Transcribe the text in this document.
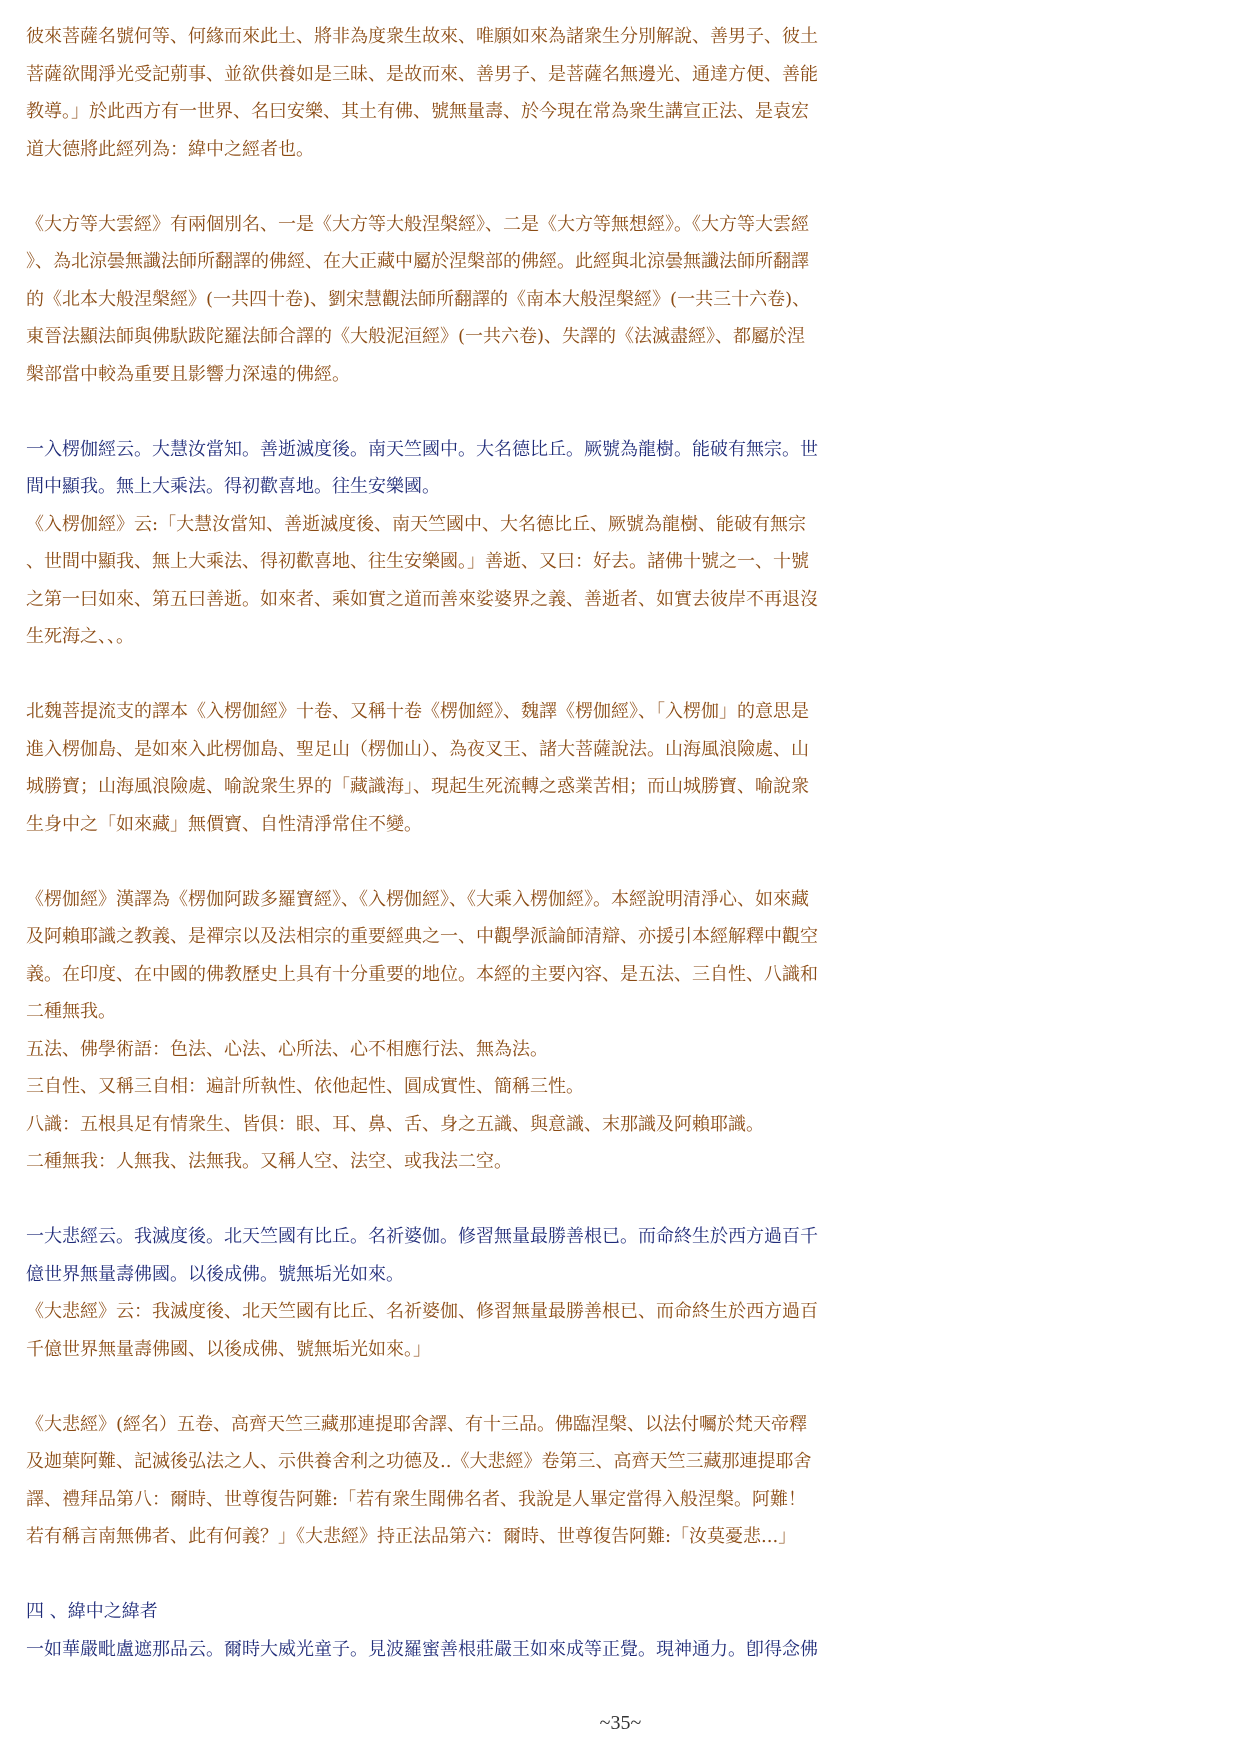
彼來菩薩名號何等、何緣而來此土、將非為度衆生故來、唯願如來為諸衆生分別解說、善男子、彼土
菩薩欲聞淨光受記莂事、並欲供養如是三昧、是故而來、善男子、是菩薩名無邊光、通達方便、善能
教導。」於此西方有一世界、名曰安樂、其土有佛、號無量壽、於今現在常為衆生講宣正法、是袁宏
道大德將此經列為：緯中之經者也。
《大方等大雲經》有兩個別名、一是《大方等大般涅槃經》、二是《大方等無想經》。《大方等大雲經
》、為北涼曇無讖法師所翻譯的佛經、在大正藏中屬於涅槃部的佛經。此經與北涼曇無讖法師所翻譯
的《北本大般涅槃經》(一共四十卷)、劉宋慧觀法師所翻譯的《南本大般涅槃經》(一共三十六卷)、
東晉法顯法師與佛馱跋陀羅法師合譯的《大般泥洹經》(一共六卷)、失譯的《法滅盡經》、都屬於涅
槃部當中較為重要且影響力深遠的佛經。
一入楞伽經云。大慧汝當知。善逝滅度後。南天竺國中。大名德比丘。厥號為龍樹。能破有無宗。世
間中顯我。無上大乘法。得初歡喜地。往生安樂國。
《入楞伽經》云:「大慧汝當知、善逝滅度後、南天竺國中、大名德比丘、厥號為龍樹、能破有無宗
、世間中顯我、無上大乘法、得初歡喜地、往生安樂國。」善逝、又曰：好去。諸佛十號之一、十號
之第一曰如來、第五曰善逝。如來者、乘如實之道而善來娑婆界之義、善逝者、如實去彼岸不再退沒
生死海之、、。
北魏菩提流支的譯本《入楞伽經》十卷、又稱十卷《楞伽經》、魏譯《楞伽經》、「入楞伽」的意思是
進入楞伽島、是如來入此楞伽島、聖足山（楞伽山）、為夜叉王、諸大菩薩說法。山海風浪險處、山
城勝寶；山海風浪險處、喻說衆生界的「藏識海」、現起生死流轉之惑業苦相；而山城勝寶、喻說衆
生身中之「如來藏」無價寶、自性清淨常住不變。
《楞伽經》漢譯為《楞伽阿跋多羅寶經》、《入楞伽經》、《大乘入楞伽經》。本經說明清淨心、如來藏
及阿賴耶識之教義、是禪宗以及法相宗的重要經典之一、中觀學派論師清辯、亦援引本經解釋中觀空
義。在印度、在中國的佛教歷史上具有十分重要的地位。本經的主要內容、是五法、三自性、八識和
二種無我。
五法、佛學術語：色法、心法、心所法、心不相應行法、無為法。
三自性、又稱三自相：遍計所執性、依他起性、圓成實性、簡稱三性。
八識：五根具足有情衆生、皆俱：眼、耳、鼻、舌、身之五識、與意識、末那識及阿賴耶識。
二種無我：人無我、法無我。又稱人空、法空、或我法二空。
一大悲經云。我滅度後。北天竺國有比丘。名祈婆伽。修習無量最勝善根已。而命終生於西方過百千
億世界無量壽佛國。以後成佛。號無垢光如來。
《大悲經》云：我滅度後、北天竺國有比丘、名祈婆伽、修習無量最勝善根已、而命終生於西方過百
千億世界無量壽佛國、以後成佛、號無垢光如來。」
《大悲經》(經名）五卷、高齊天竺三藏那連提耶舍譯、有十三品。佛臨涅槃、以法付囑於梵天帝釋
及迦葉阿難、記滅後弘法之人、示供養舍利之功德及..《大悲經》卷第三、高齊天竺三藏那連提耶舍
譯、禮拜品第八：爾時、世尊復告阿難:「若有衆生聞佛名者、我說是人畢定當得入般涅槃。阿難！
若有稱言南無佛者、此有何義？」《大悲經》持正法品第六：爾時、世尊復告阿難:「汝莫憂悲...」
四 、緯中之緯者
一如華嚴毗盧遮那品云。爾時大威光童子。見波羅蜜善根莊嚴王如來成等正覺。現神通力。卽得念佛
~35~
